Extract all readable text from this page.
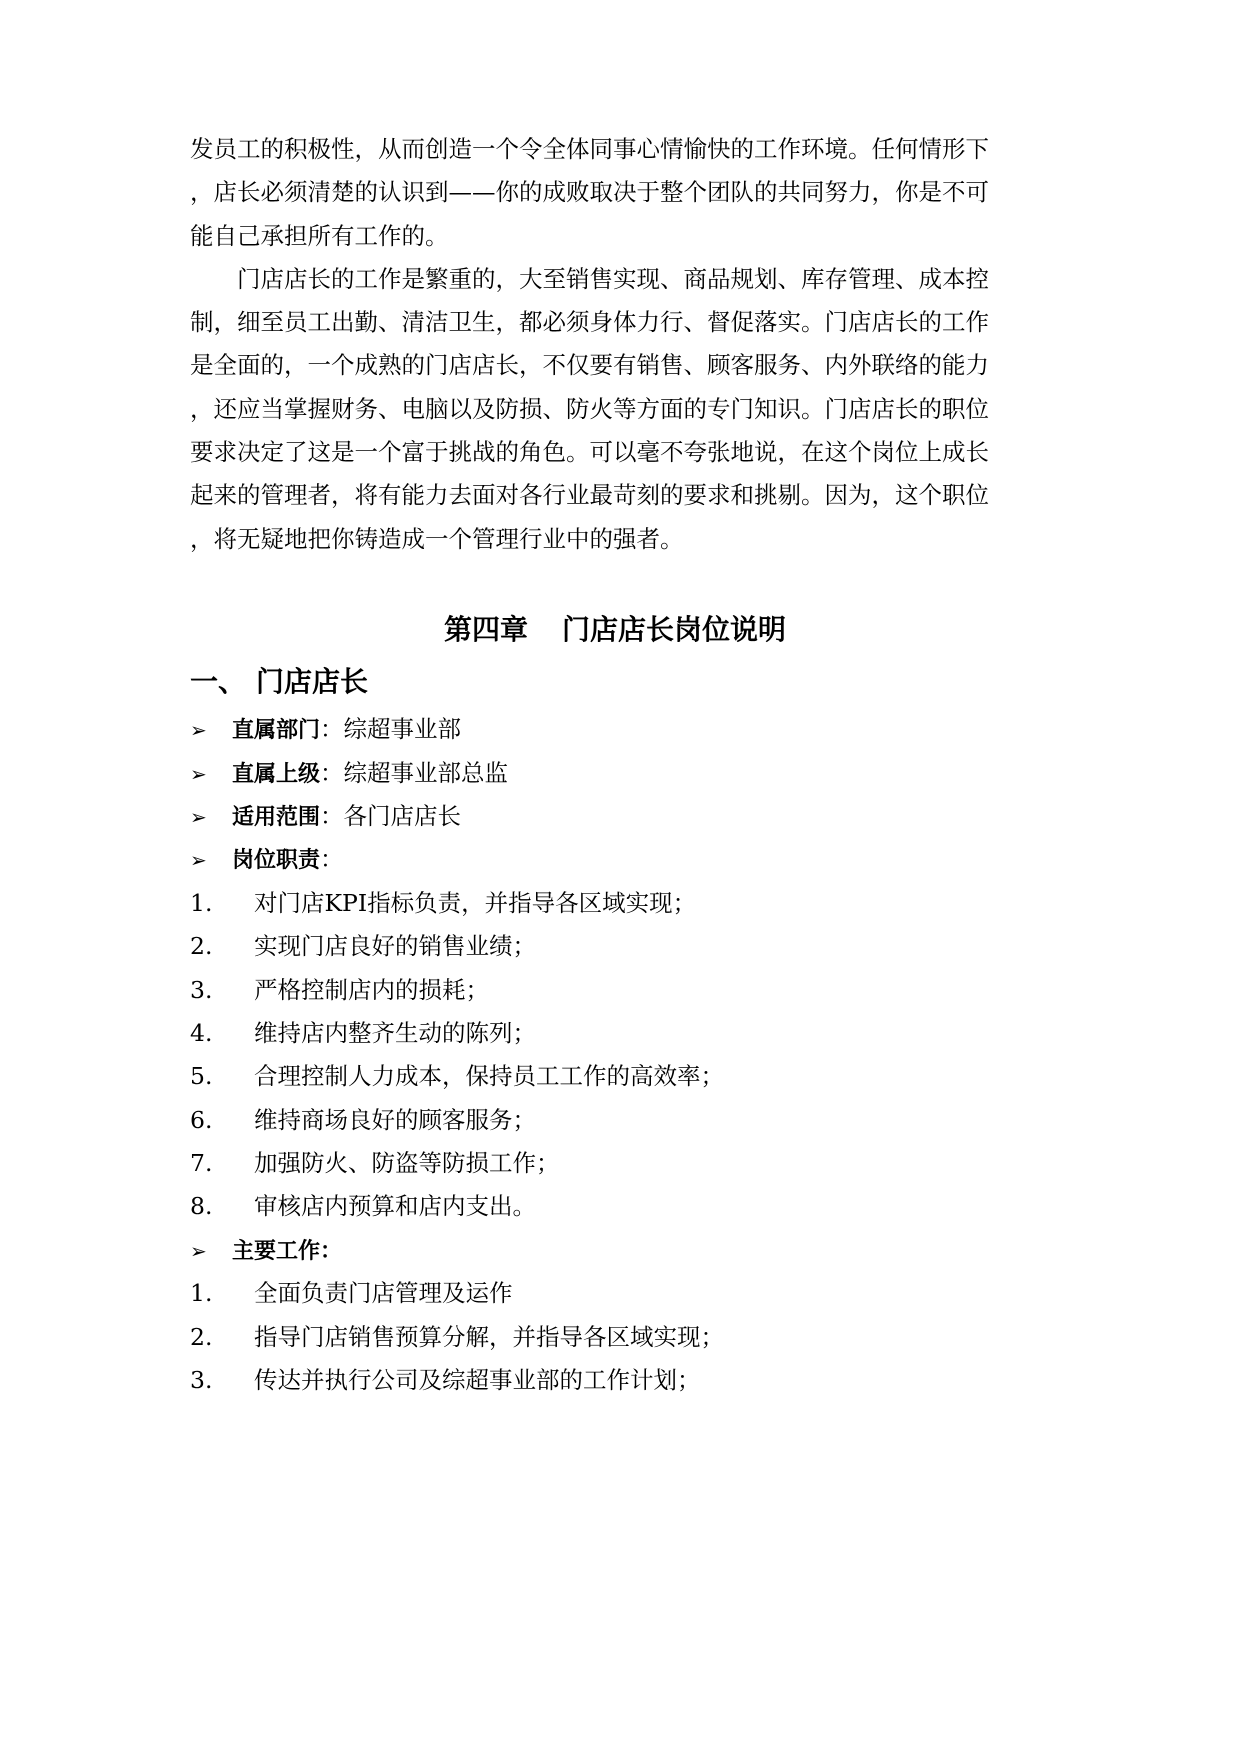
发员工的积极性，从而创造一个令全体同事心情愉快的工作环境。任何情形下
，店长必须清楚的认识到——你的成败取决于整个团队的共同努力，你是不可
能自己承担所有工作的。
　　门店店长的工作是繁重的，大至销售实现、商品规划、库存管理、成本控
制，细至员工出勤、清洁卫生，都必须身体力行、督促落实。门店店长的工作
是全面的，一个成熟的门店店长，不仅要有销售、顾客服务、内外联络的能力
，还应当掌握财务、电脑以及防损、防火等方面的专门知识。门店店长的职位
要求决定了这是一个富于挑战的角色。可以毫不夸张地说，在这个岗位上成长
起来的管理者，将有能力去面对各行业最苛刻的要求和挑剔。因为，这个职位
，将无疑地把你铸造成一个管理行业中的强者。
第四章 门店店长岗位说明
一、 门店店长
➢ 直属部门：综超事业部
➢ 直属上级：综超事业部总监
➢ 适用范围：各门店店长
➢ 岗位职责：
1. 对门店KPI指标负责，并指导各区域实现；
2. 实现门店良好的销售业绩；
3. 严格控制店内的损耗；
4. 维持店内整齐生动的陈列；
5. 合理控制人力成本，保持员工工作的高效率；
6. 维持商场良好的顾客服务；
7. 加强防火、防盗等防损工作；
8. 审核店内预算和店内支出。
➢ 主要工作：
1. 全面负责门店管理及运作
2. 指导门店销售预算分解，并指导各区域实现；
3. 传达并执行公司及综超事业部的工作计划；
